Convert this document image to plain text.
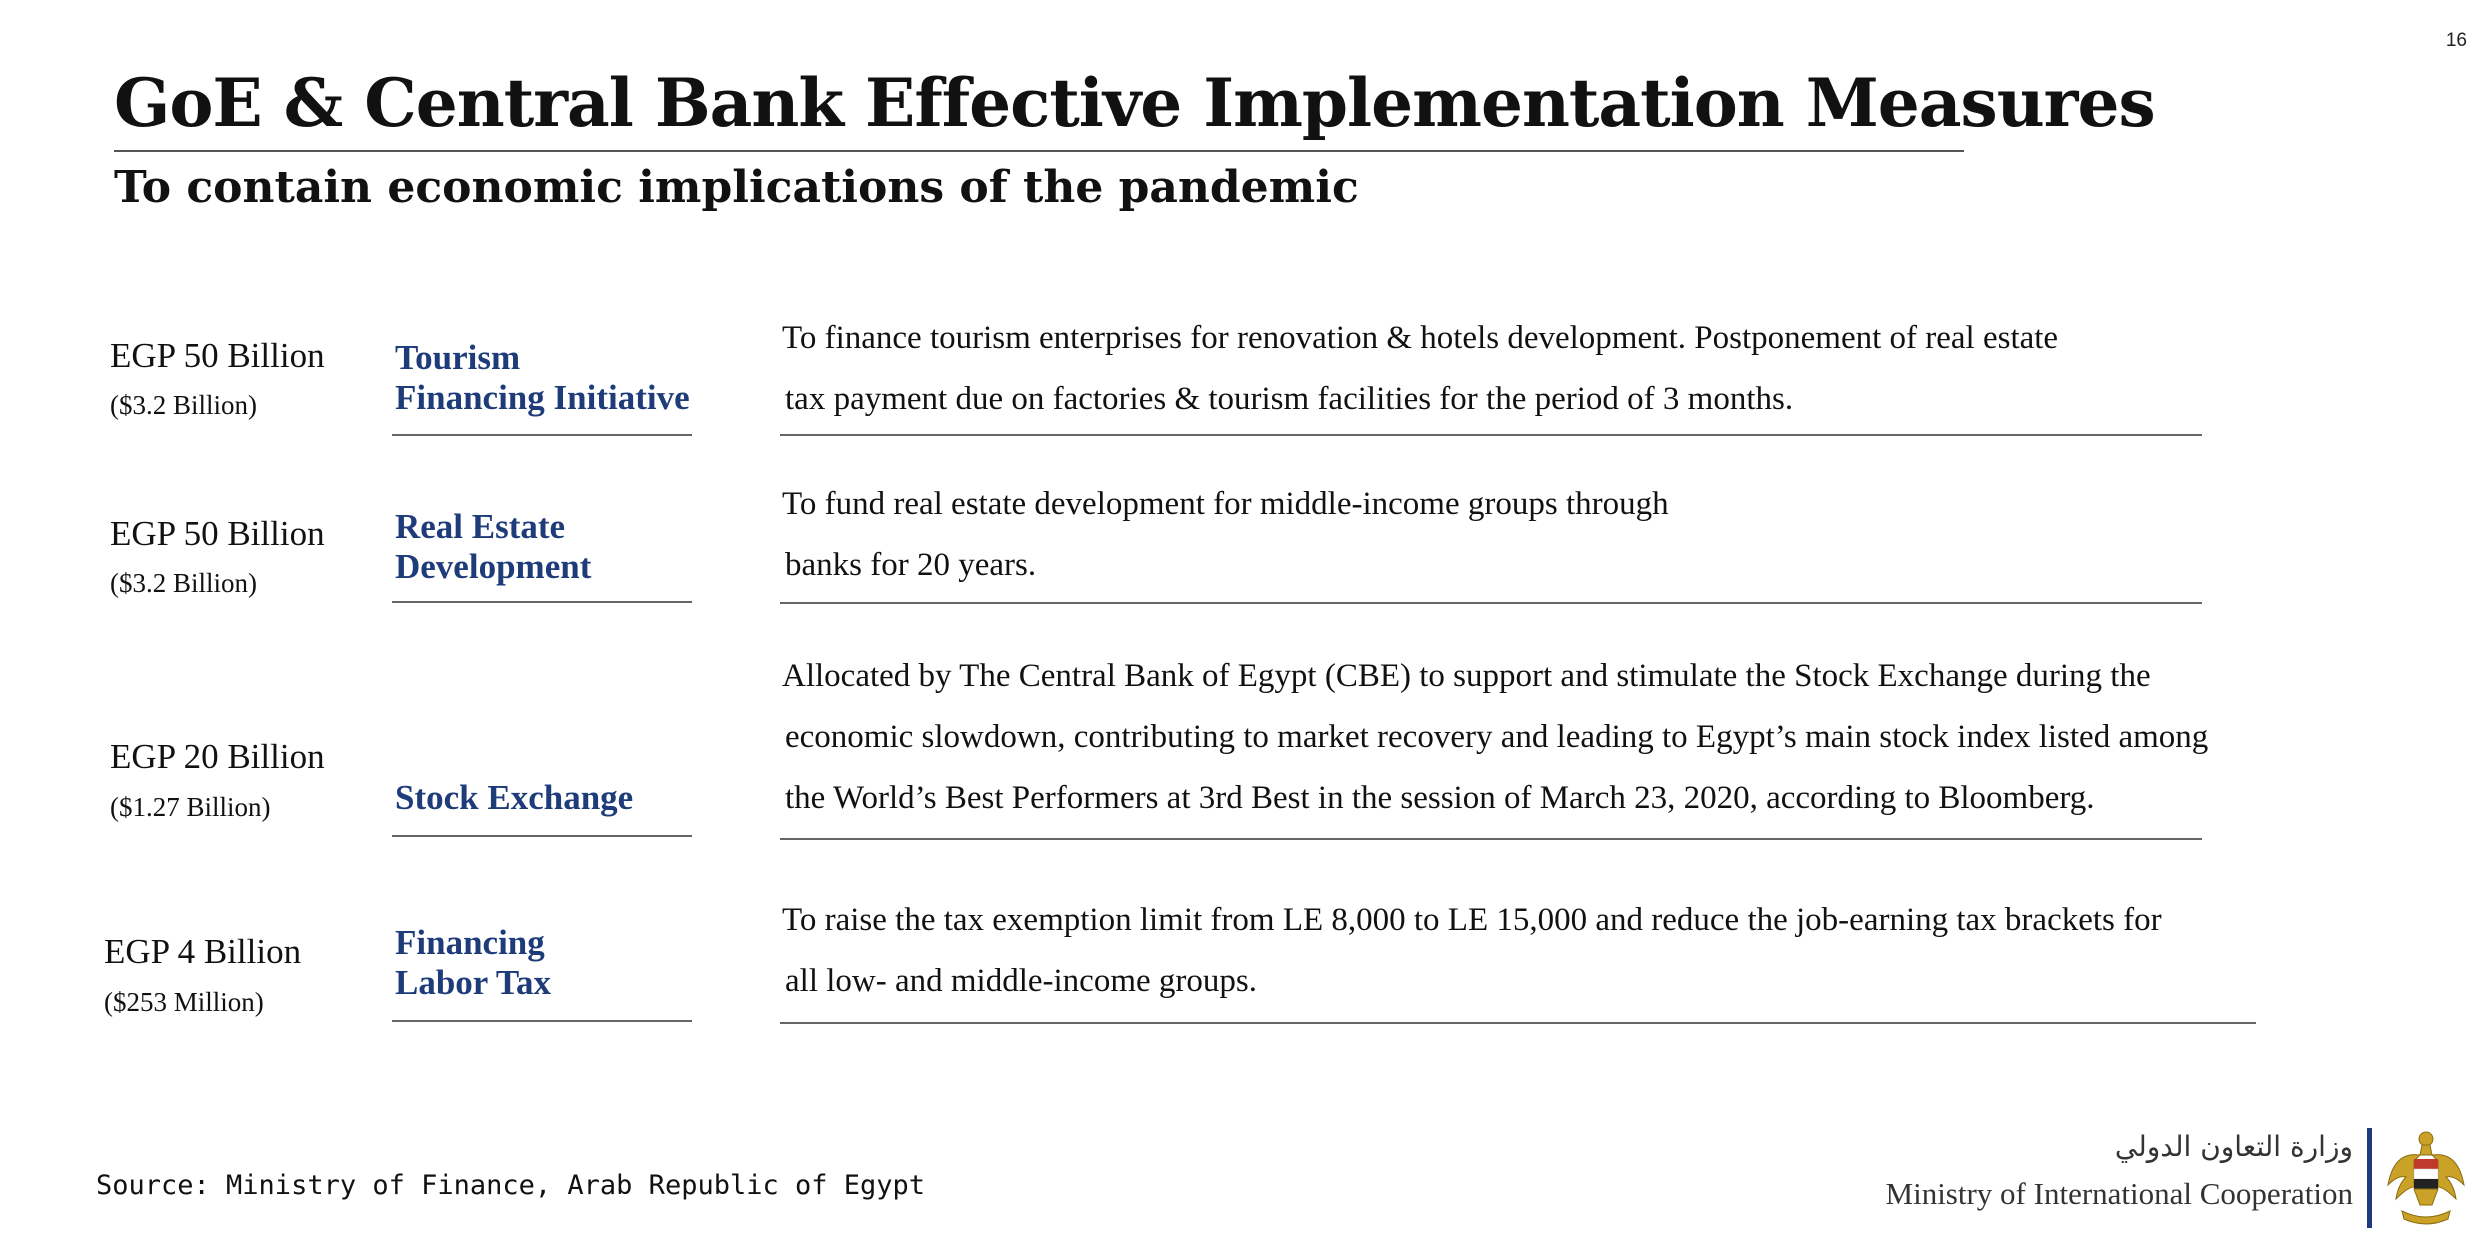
16
GoE & Central Bank Effective Implementation Measures
To contain economic implications of the pandemic
EGP 50 Billion
($3.2 Billion)
Tourism
Financing Initiative
To finance tourism enterprises for renovation & hotels development. Postponement of real estate
tax payment due on factories & tourism facilities for the period of 3 months.
EGP 50 Billion
($3.2 Billion)
Real Estate
Development
To fund real estate development for middle-income groups through
banks for 20 years.
EGP 20 Billion
($1.27 Billion)	Stock Exchange
Allocated by The Central Bank of Egypt (CBE) to support and stimulate the Stock Exchange during the
economic slowdown, contributing to market recovery and leading to Egypt’s main stock index listed among
the World’s Best Performers at 3rd Best in the session of March 23, 2020, according to Bloomberg.
EGP 4 Billion
($253 Million)
Financing
Labor Tax
To raise the tax exemption limit from LE 8,000 to LE 15,000 and reduce the job-earning tax brackets for
all low- and middle-income groups.
Source: Ministry of Finance, Arab Republic of Egypt
وزارة التعاون الدولي
Ministry of International Cooperation
